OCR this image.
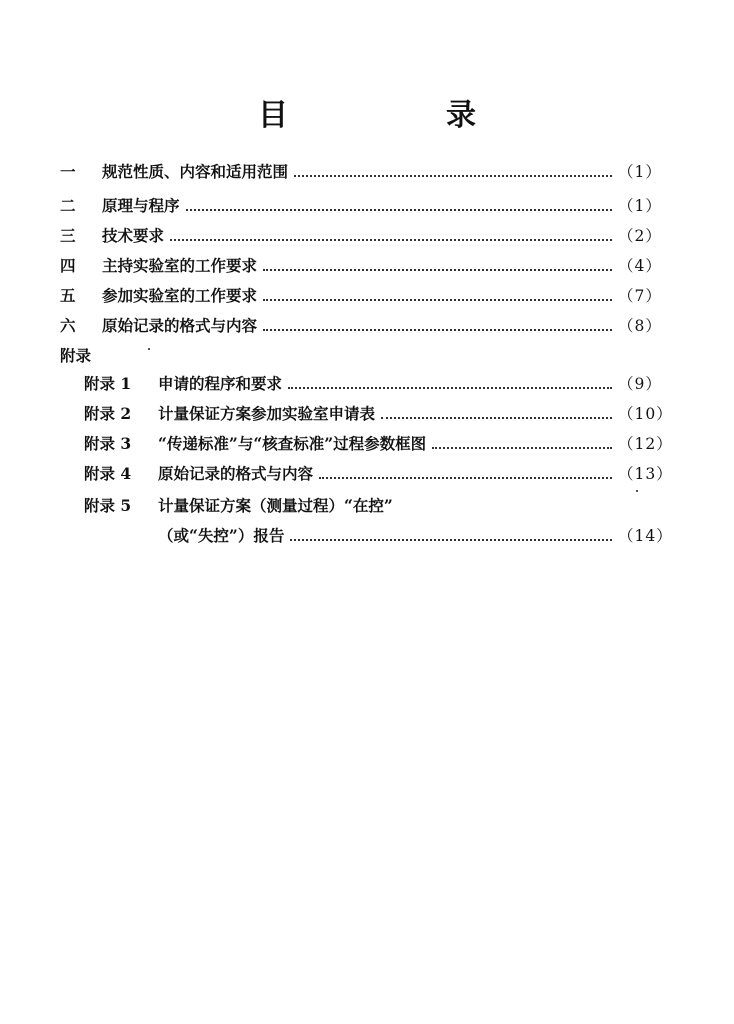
目　录
一	规范性质、内容和适用范围	（1）
二	原理与程序	（1）
三	技术要求	（2）
四	主持实验室的工作要求	（4）
五	参加实验室的工作要求	（7）
六	原始记录的格式与内容	（8）
附录
附录 1	申请的程序和要求	（9）
附录 2	计量保证方案参加实验室申请表	（10）
附录 3	“传递标准”与“核查标准”过程参数框图	（12）
附录 4	原始记录的格式与内容	（13）
附录 5	计量保证方案（测量过程）“在控”
（或“失控”）报告	（14）
